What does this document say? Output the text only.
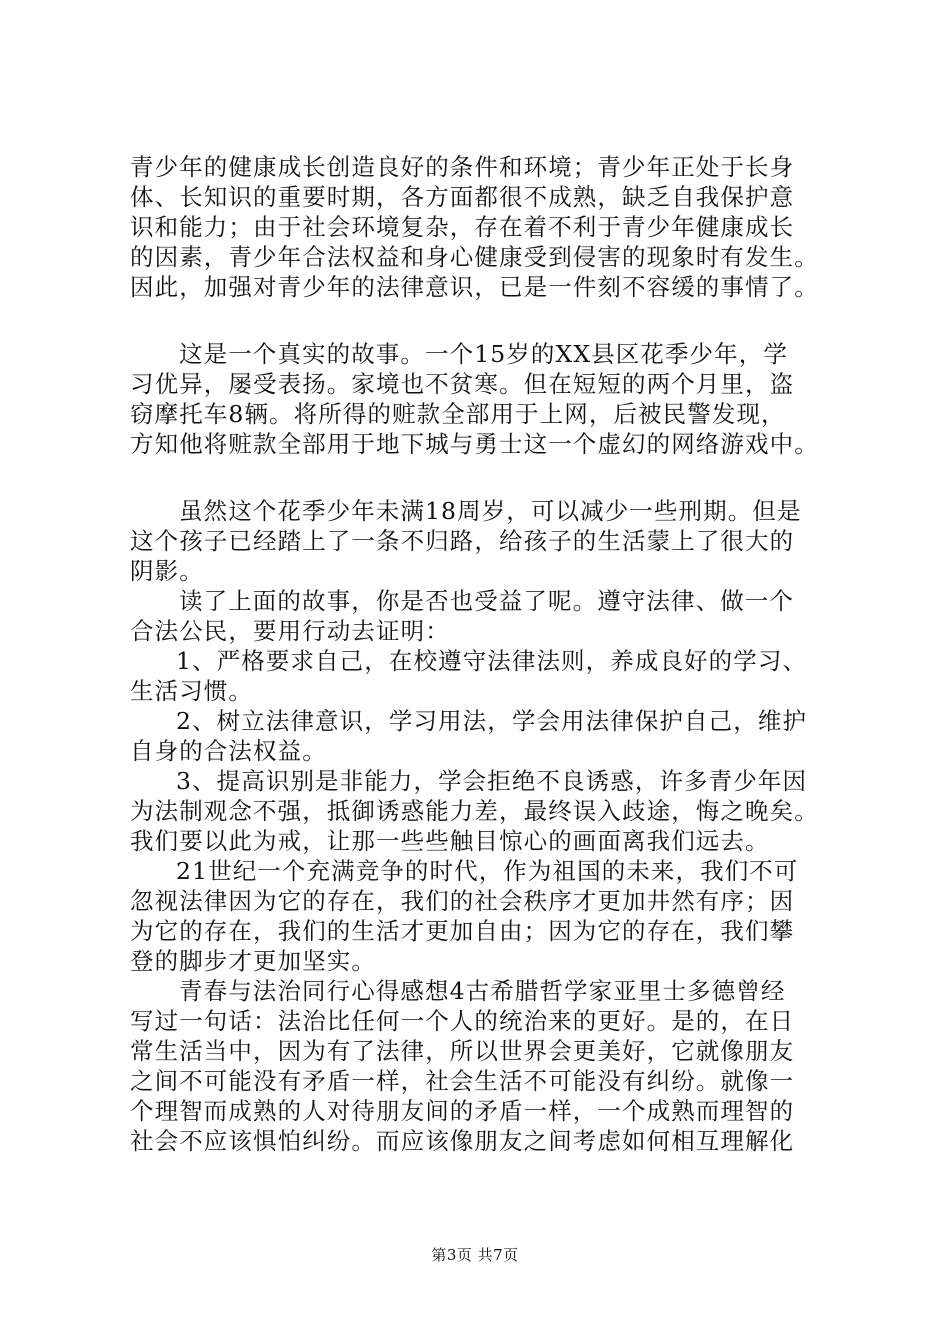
青少年的健康成长创造良好的条件和环境；青少年正处于长身
体、长知识的重要时期，各方面都很不成熟，缺乏自我保护意
识和能力；由于社会环境复杂，存在着不利于青少年健康成长
的因素，青少年合法权益和身心健康受到侵害的现象时有发生。
因此，加强对青少年的法律意识，已是一件刻不容缓的事情了。
这是一个真实的故事。一个15岁的XX县区花季少年，学
习优异，屡受表扬。家境也不贫寒。但在短短的两个月里，盗
窃摩托车8辆。将所得的赃款全部用于上网，后被民警发现，
方知他将赃款全部用于地下城与勇士这一个虚幻的网络游戏中。
虽然这个花季少年未满18周岁，可以减少一些刑期。但是
这个孩子已经踏上了一条不归路，给孩子的生活蒙上了很大的
阴影。
读了上面的故事，你是否也受益了呢。遵守法律、做一个
合法公民，要用行动去证明：
1、严格要求自己，在校遵守法律法则，养成良好的学习、
生活习惯。
2、树立法律意识，学习用法，学会用法律保护自己，维护
自身的合法权益。
3、提高识别是非能力，学会拒绝不良诱惑，许多青少年因
为法制观念不强，抵御诱惑能力差，最终误入歧途，悔之晚矣。
我们要以此为戒，让那一些些触目惊心的画面离我们远去。
21世纪一个充满竞争的时代，作为祖国的未来，我们不可
忽视法律因为它的存在，我们的社会秩序才更加井然有序；因
为它的存在，我们的生活才更加自由；因为它的存在，我们攀
登的脚步才更加坚实。
青春与法治同行心得感想4古希腊哲学家亚里士多德曾经
写过一句话：法治比任何一个人的统治来的更好。是的，在日
常生活当中，因为有了法律，所以世界会更美好，它就像朋友
之间不可能没有矛盾一样，社会生活不可能没有纠纷。就像一
个理智而成熟的人对待朋友间的矛盾一样，一个成熟而理智的
社会不应该惧怕纠纷。而应该像朋友之间考虑如何相互理解化
第3页 共7页
